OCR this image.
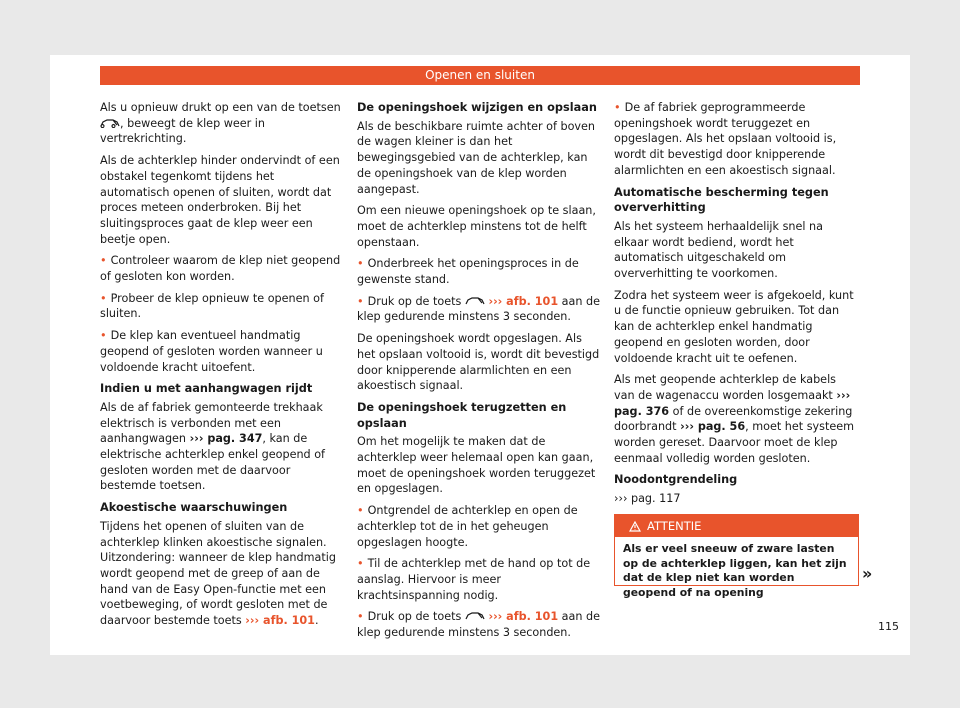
Openen en sluiten

Als u opnieuw drukt op een van de toetsen , beweegt de klep weer in vertrekrichting.

Als de achterklep hinder ondervindt of een obstakel tegenkomt tijdens het automatisch openen of sluiten, wordt dat proces meteen onderbroken. Bij het sluitingsproces gaat de klep weer een beetje open.

• Controleer waarom de klep niet geopend of gesloten kon worden.

• Probeer de klep opnieuw te openen of sluiten.

• De klep kan eventueel handmatig geopend of gesloten worden wanneer u voldoende kracht uitoefent.

Indien u met aanhangwagen rijdt

Als de af fabriek gemonteerde trekhaak elektrisch is verbonden met een aanhangwagen ››› pag. 347, kan de elektrische achterklep enkel geopend of gesloten worden met de daarvoor bestemde toetsen.

Akoestische waarschuwingen

Tijdens het openen of sluiten van de achterklep klinken akoestische signalen. Uitzondering: wanneer de klep handmatig wordt geopend met de greep of aan de hand van de Easy Open-functie met een voetbeweging, of wordt gesloten met de daarvoor bestemde toets ››› afb. 101.

De openingshoek wijzigen en opslaan

Als de beschikbare ruimte achter of boven de wagen kleiner is dan het bewegingsgebied van de achterklep, kan de openingshoek van de klep worden aangepast.

Om een nieuwe openingshoek op te slaan, moet de achterklep minstens tot de helft openstaan.

• Onderbreek het openingsproces in de gewenste stand.

• Druk op de toets ››› afb. 101 aan de klep gedurende minstens 3 seconden.

De openingshoek wordt opgeslagen. Als het opslaan voltooid is, wordt dit bevestigd door knipperende alarmlichten en een akoestisch signaal.

De openingshoek terugzetten en opslaan

Om het mogelijk te maken dat de achterklep weer helemaal open kan gaan, moet de openingshoek worden teruggezet en opgeslagen.

• Ontgrendel de achterklep en open de achterklep tot de in het geheugen opgeslagen hoogte.

• Til de achterklep met de hand op tot de aanslag. Hiervoor is meer krachtsinspanning nodig.

• Druk op de toets ››› afb. 101 aan de klep gedurende minstens 3 seconden.

• De af fabriek geprogrammeerde openingshoek wordt teruggezet en opgeslagen. Als het opslaan voltooid is, wordt dit bevestigd door knipperende alarmlichten en een akoestisch signaal.

Automatische bescherming tegen oververhitting

Als het systeem herhaaldelijk snel na elkaar wordt bediend, wordt het automatisch uitgeschakeld om oververhitting te voorkomen.

Zodra het systeem weer is afgekoeld, kunt u de functie opnieuw gebruiken. Tot dan kan de achterklep enkel handmatig geopend en gesloten worden, door voldoende kracht uit te oefenen.

Als met geopende achterklep de kabels van de wagenaccu worden losgemaakt ››› pag. 376 of de overeenkomstige zekering doorbrandt ››› pag. 56, moet het systeem worden gereset. Daarvoor moet de klep eenmaal volledig worden gesloten.

Noodontgrendeling

››› pag. 117

ATTENTIE
Als er veel sneeuw of zware lasten op de achterklep liggen, kan het zijn dat de klep niet kan worden geopend of na opening
»
115
